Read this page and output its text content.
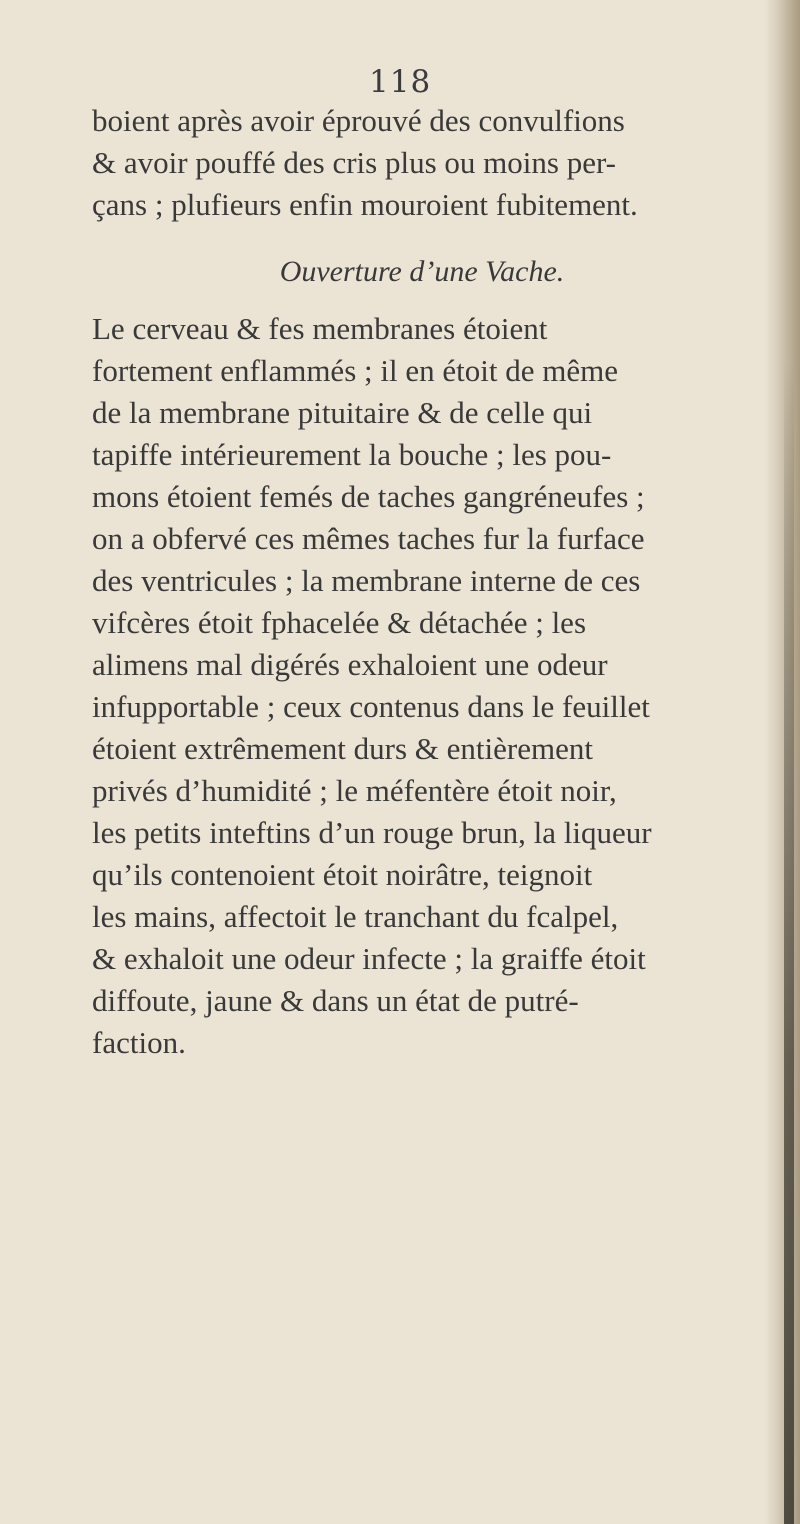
118
boient après avoir éprouvé des convulfions
& avoir pouffé des cris plus ou moins per-
çans ; plufieurs enfin mouroient fubitement.
Ouverture d’une Vache.
Le cerveau & fes membranes étoient
fortement enflammés ; il en étoit de même
de la membrane pituitaire & de celle qui
tapiffe intérieurement la bouche ; les pou-
mons étoient femés de taches gangréneufes ;
on a obfervé ces mêmes taches fur la furface
des ventricules ; la membrane interne de ces
vifcères étoit fphacelée & détachée ; les
alimens mal digérés exhaloient une odeur
infupportable ; ceux contenus dans le feuillet
étoient extrêmement durs & entièrement
privés d’humidité ; le méfentère étoit noir,
les petits inteftins d’un rouge brun, la liqueur
qu’ils contenoient étoit noirâtre, teignoit
les mains, affectoit le tranchant du fcalpel,
& exhaloit une odeur infecte ; la graiffe étoit
diffoute, jaune & dans un état de putré-
faction.
